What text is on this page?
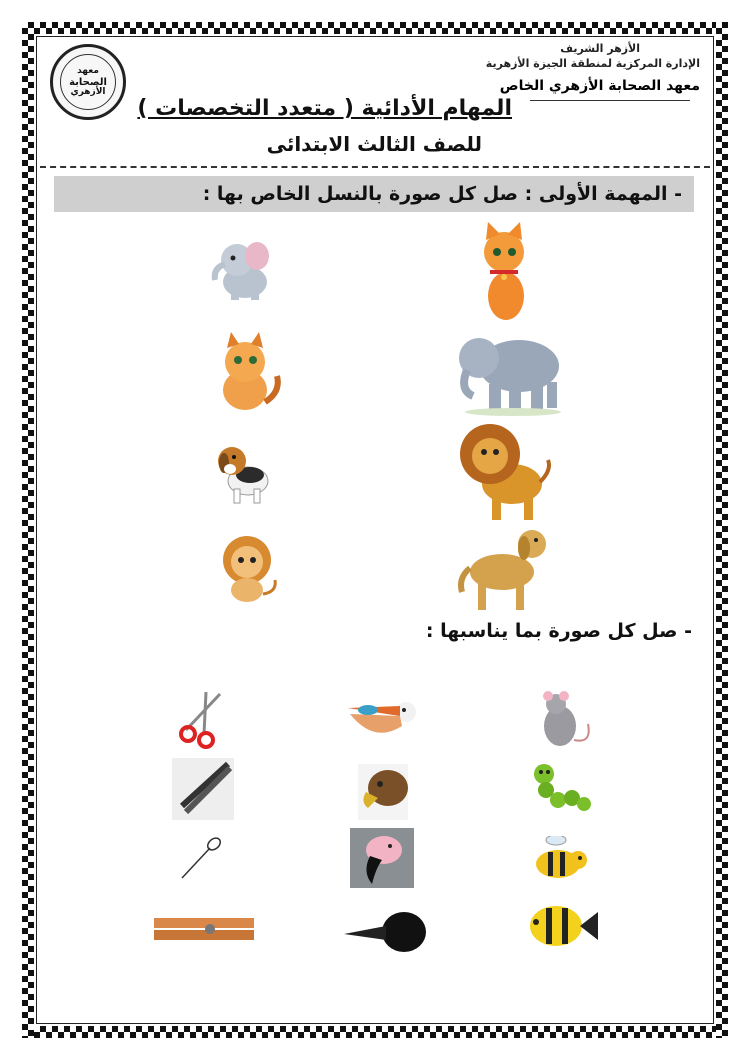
الأزهر الشريف
الإدارة المركزية لمنطقة الجيزة الأزهرية
معهد الصحابة الأزهري الخاص
معهد
الصحابة
الأزهري
المهام الأدائية ( متعدد التخصصات )
للصف الثالث الابتدائى
- المهمة الأولى : صل كل صورة بالنسل الخاص بها :
- صل كل صورة بما يناسبها :
